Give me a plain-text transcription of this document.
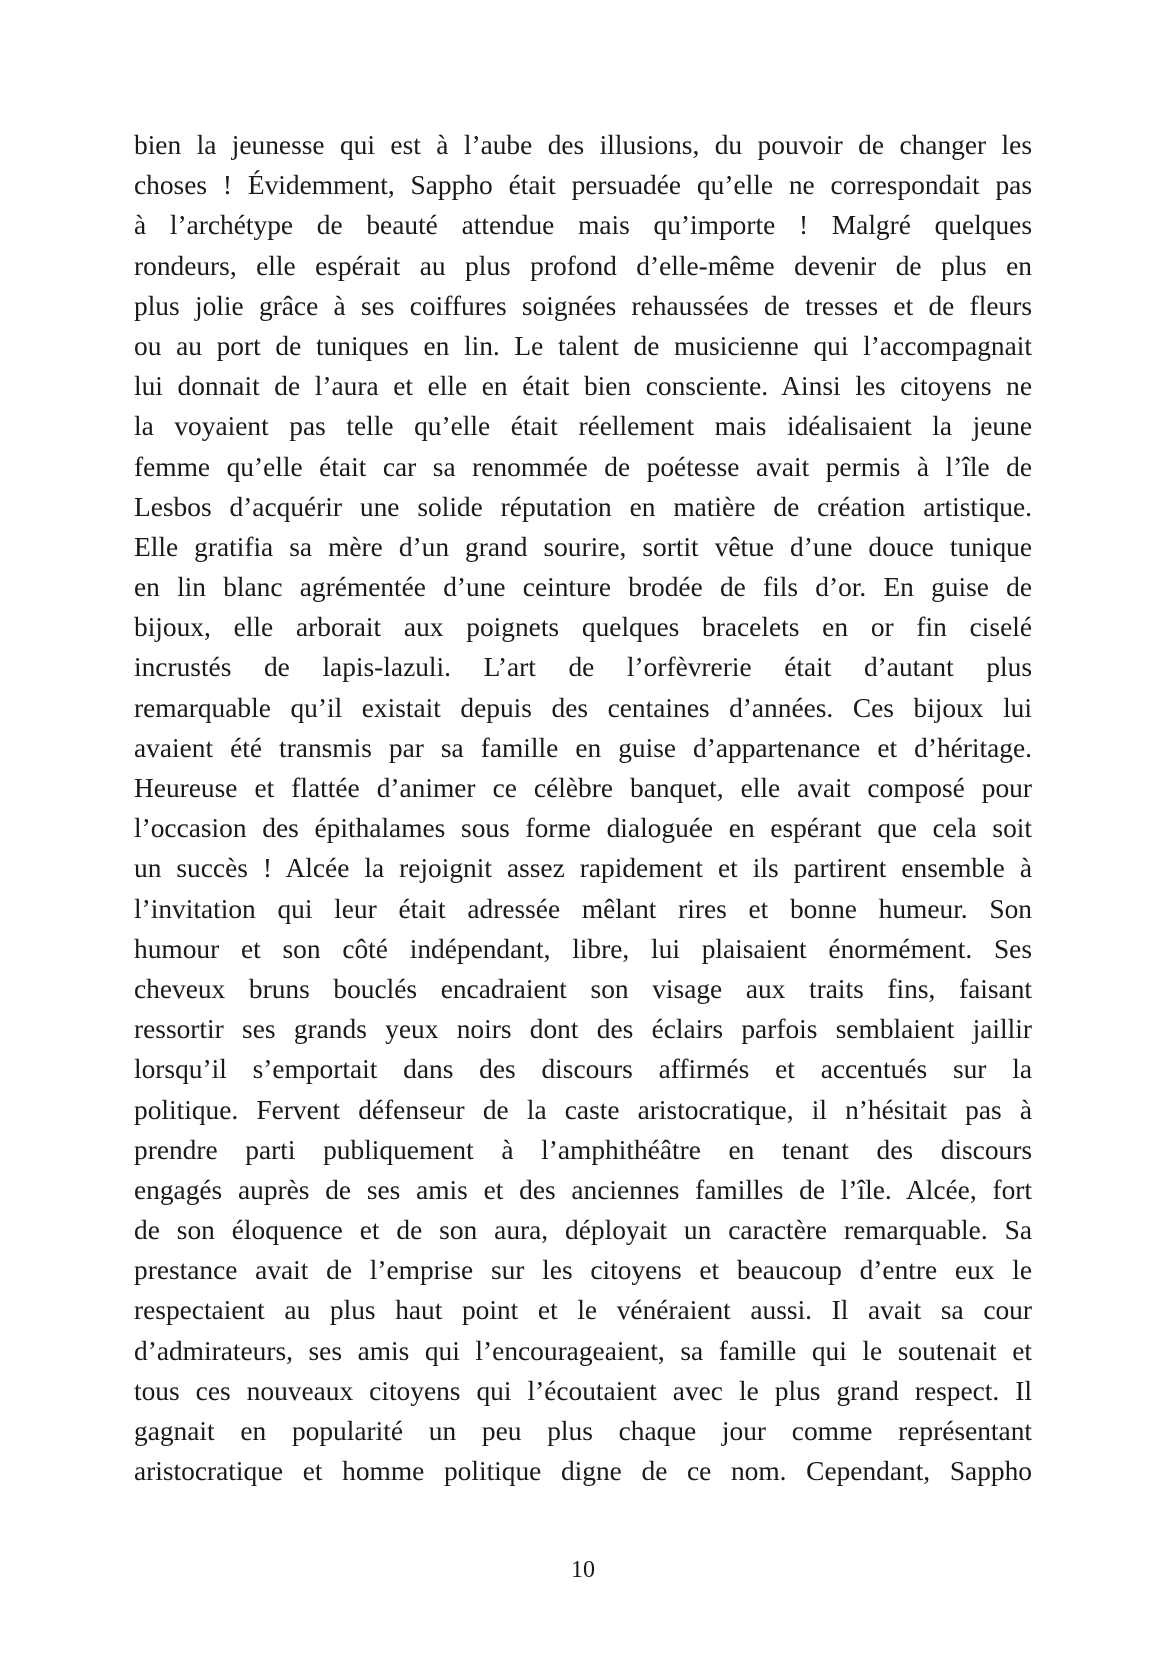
bien la jeunesse qui est à l’aube des illusions, du pouvoir de changer les
choses ! Évidemment, Sappho était persuadée qu’elle ne correspondait pas
à l’archétype de beauté attendue mais qu’importe ! Malgré quelques
rondeurs, elle espérait au plus profond d’elle-même devenir de plus en
plus jolie grâce à ses coiffures soignées rehaussées de tresses et de fleurs
ou au port de tuniques en lin. Le talent de musicienne qui l’accompagnait
lui donnait de l’aura et elle en était bien consciente. Ainsi les citoyens ne
la voyaient pas telle qu’elle était réellement mais idéalisaient la jeune
femme qu’elle était car sa renommée de poétesse avait permis à l’île de
Lesbos d’acquérir une solide réputation en matière de création artistique.
Elle gratifia sa mère d’un grand sourire, sortit vêtue d’une douce tunique
en lin blanc agrémentée d’une ceinture brodée de fils d’or. En guise de
bijoux, elle arborait aux poignets quelques bracelets en or fin ciselé
incrustés de lapis-lazuli. L’art de l’orfèvrerie était d’autant plus
remarquable qu’il existait depuis des centaines d’années. Ces bijoux lui
avaient été transmis par sa famille en guise d’appartenance et d’héritage.
Heureuse et flattée d’animer ce célèbre banquet, elle avait composé pour
l’occasion des épithalames sous forme dialoguée en espérant que cela soit
un succès ! Alcée la rejoignit assez rapidement et ils partirent ensemble à
l’invitation qui leur était adressée mêlant rires et bonne humeur. Son
humour et son côté indépendant, libre, lui plaisaient énormément. Ses
cheveux bruns bouclés encadraient son visage aux traits fins, faisant
ressortir ses grands yeux noirs dont des éclairs parfois semblaient jaillir
lorsqu’il s’emportait dans des discours affirmés et accentués sur la
politique. Fervent défenseur de la caste aristocratique, il n’hésitait pas à
prendre parti publiquement à l’amphithéâtre en tenant des discours
engagés auprès de ses amis et des anciennes familles de l’île. Alcée, fort
de son éloquence et de son aura, déployait un caractère remarquable. Sa
prestance avait de l’emprise sur les citoyens et beaucoup d’entre eux le
respectaient au plus haut point et le vénéraient aussi. Il avait sa cour
d’admirateurs, ses amis qui l’encourageaient, sa famille qui le soutenait et
tous ces nouveaux citoyens qui l’écoutaient avec le plus grand respect. Il
gagnait en popularité un peu plus chaque jour comme représentant
aristocratique et homme politique digne de ce nom. Cependant, Sappho
10
